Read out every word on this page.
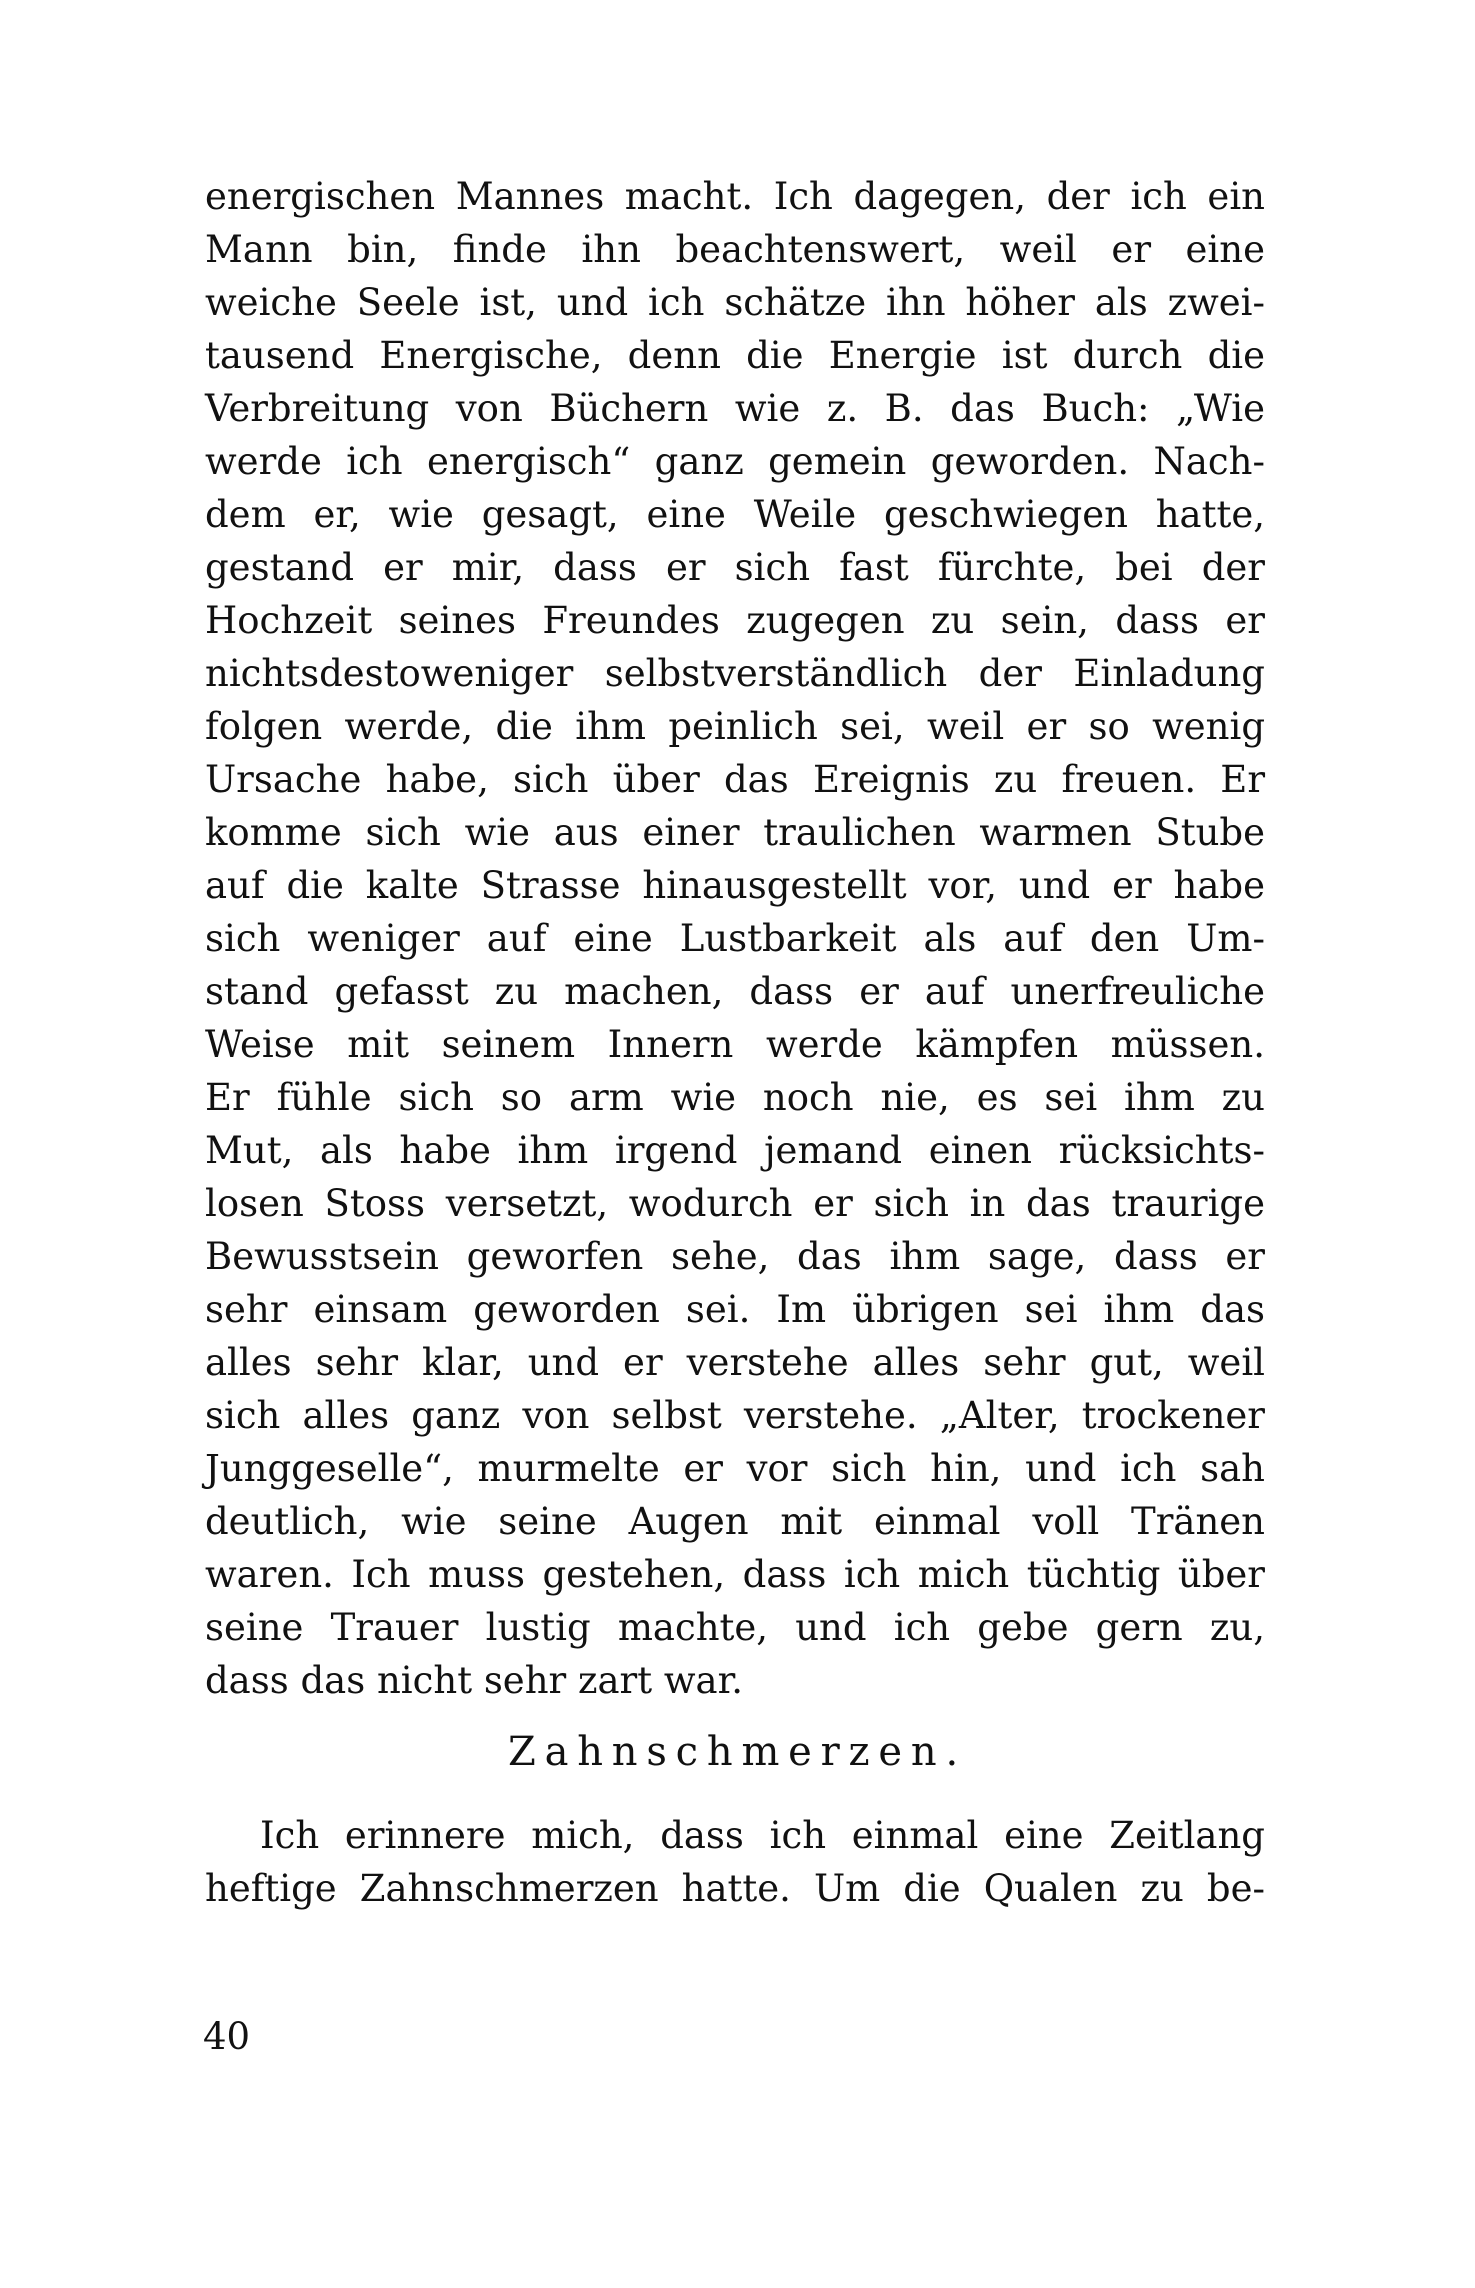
energischen Mannes macht. Ich dagegen, der ich ein
Mann bin, finde ihn beachtenswert, weil er eine
weiche Seele ist, und ich schätze ihn höher als zwei-
tausend Energische, denn die Energie ist durch die
Verbreitung von Büchern wie z. B. das Buch: „Wie
werde ich energisch“ ganz gemein geworden. Nach-
dem er, wie gesagt, eine Weile geschwiegen hatte,
gestand er mir, dass er sich fast fürchte, bei der
Hochzeit seines Freundes zugegen zu sein, dass er
nichtsdestoweniger selbstverständlich der Einladung
folgen werde, die ihm peinlich sei, weil er so wenig
Ursache habe, sich über das Ereignis zu freuen. Er
komme sich wie aus einer traulichen warmen Stube
auf die kalte Strasse hinausgestellt vor, und er habe
sich weniger auf eine Lustbarkeit als auf den Um-
stand gefasst zu machen, dass er auf unerfreuliche
Weise mit seinem Innern werde kämpfen müssen.
Er fühle sich so arm wie noch nie, es sei ihm zu
Mut, als habe ihm irgend jemand einen rücksichts-
losen Stoss versetzt, wodurch er sich in das traurige
Bewusstsein geworfen sehe, das ihm sage, dass er
sehr einsam geworden sei. Im übrigen sei ihm das
alles sehr klar, und er verstehe alles sehr gut, weil
sich alles ganz von selbst verstehe. „Alter, trockener
Junggeselle“, murmelte er vor sich hin, und ich sah
deutlich, wie seine Augen mit einmal voll Tränen
waren. Ich muss gestehen, dass ich mich tüchtig über
seine Trauer lustig machte, und ich gebe gern zu,
dass das nicht sehr zart war.
Zahnschmerzen.
Ich erinnere mich, dass ich einmal eine Zeitlang
heftige Zahnschmerzen hatte. Um die Qualen zu be-
40
